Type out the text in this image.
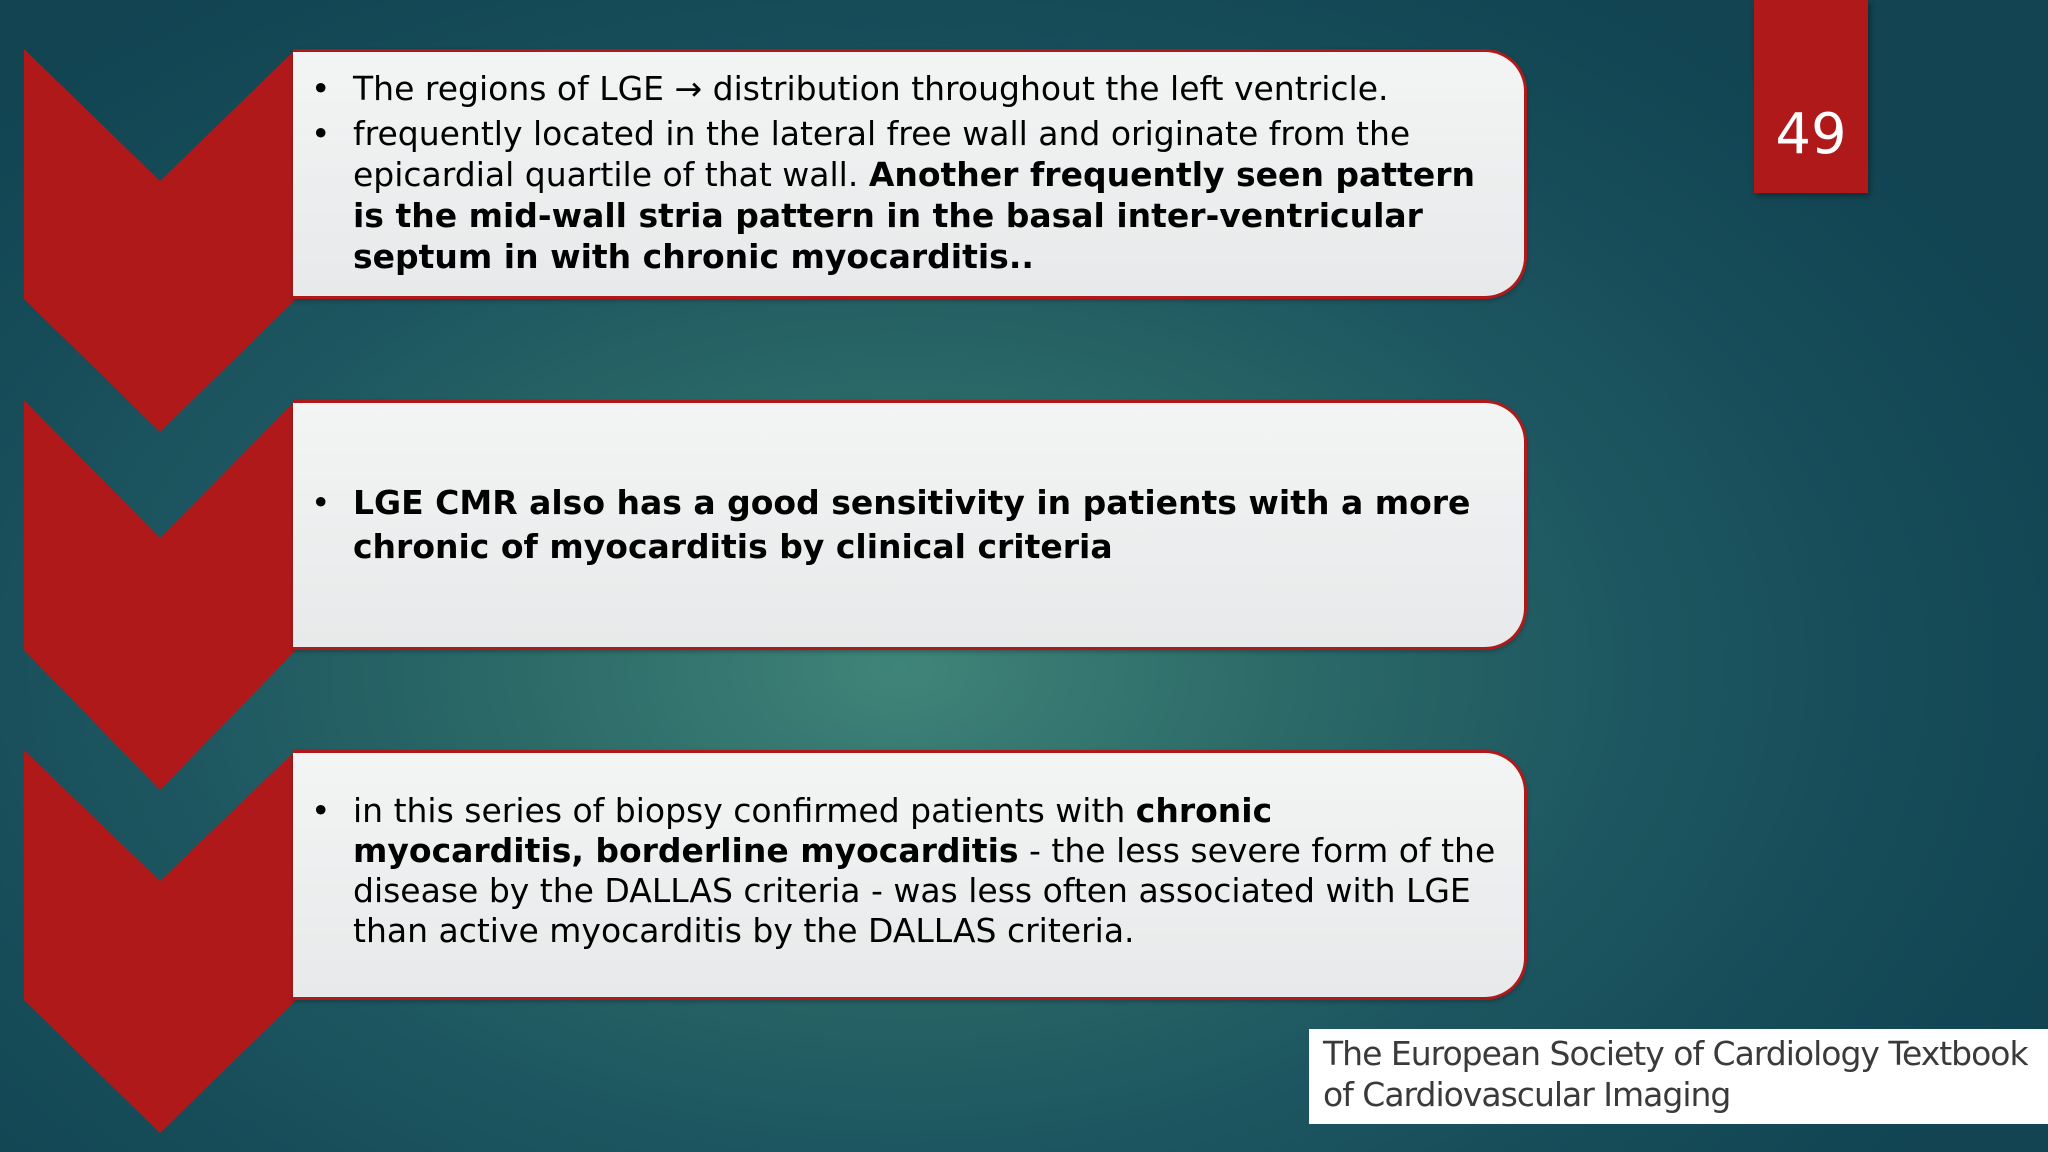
• The regions of LGE → distribution throughout the left ventricle.
• frequently located in the lateral free wall and originate from the epicardial quartile of that wall. Another frequently seen pattern is the mid-wall stria pattern in the basal inter-ventricular septum in with chronic myocarditis..
• LGE CMR also has a good sensitivity in patients with a more chronic of myocarditis by clinical criteria
• in this series of biopsy confirmed patients with chronic myocarditis, borderline myocarditis - the less severe form of the disease by the DALLAS criteria - was less often associated with LGE than active myocarditis by the DALLAS criteria.
49
The European Society of Cardiology Textbook
of Cardiovascular Imaging
